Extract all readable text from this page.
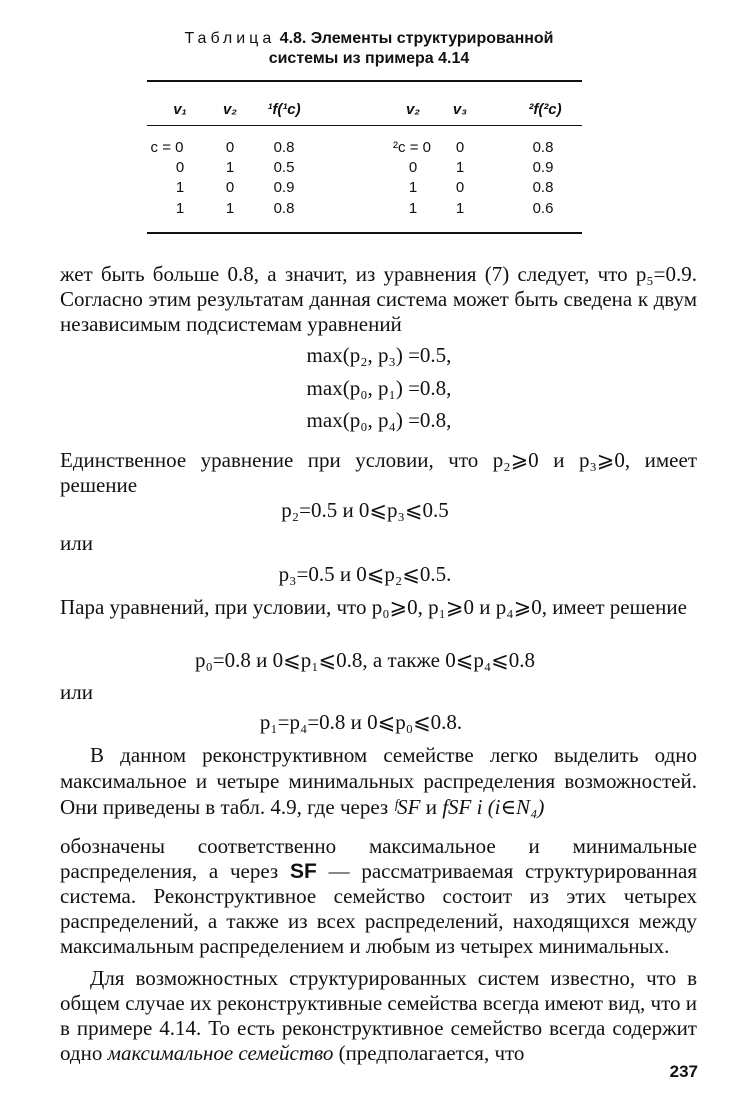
Таблица 4.8. Элементы структурированной
системы из примера 4.14
v₁	v₂	¹f(¹c)	v₂	v₃	²f(²c)
c = 0	0	0.8	²c = 0	0	0.8
0	1	0.5	0	1	0.9
1	0	0.9	1	0	0.8
1	1	0.8	1	1	0.6
жет быть больше 0.8, а значит, из уравнения (7) следует, что p₅=0.9. Согласно этим результатам данная система может быть сведена к двум независимым подсистемам уравнений
max(p₂, p₃) =0.5,
max(p₀, p₁) =0.8,
max(p₀, p₄) =0.8,
Единственное уравнение при условии, что p₂⩾0 и p₃⩾0, имеет решение
p₂=0.5 и 0⩽p₃⩽0.5
или
p₃=0.5 и 0⩽p₂⩽0.5.
Пара уравнений, при условии, что p₀⩾0, p₁⩾0 и p₄⩾0, имеет решение
p₀=0.8 и 0⩽p₁⩽0.8, а также 0⩽p₄⩽0.8
или
p₁=p₄=0.8 и 0⩽p₀⩽0.8.
В данном реконструктивном семействе легко выделить одно максимальное и четыре минимальных распределения возможностей. Они приведены в табл. 4.9, где через ᶠSF и fSF i (i∈N₄)
обозначены соответственно максимальное и минимальные распределения, а через SF — рассматриваемая структурированная система. Реконструктивное семейство состоит из этих четырех распределений, а также из всех распределений, находящихся между максимальным распределением и любым из четырех минимальных.
Для возможностных структурированных систем известно, что в общем случае их реконструктивные семейства всегда имеют вид, что и в примере 4.14. То есть реконструктивное семейство всегда содержит одно максимальное семейство (предполагается, что
237
